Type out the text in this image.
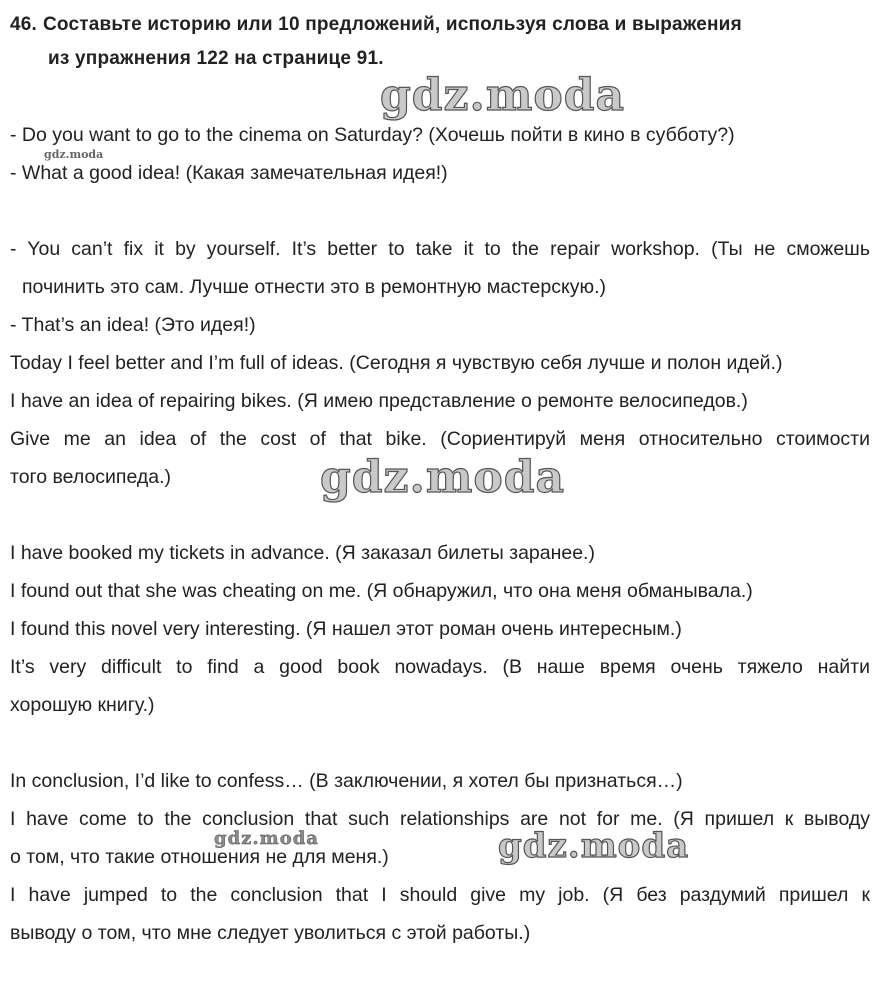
46. Составьте историю или 10 предложений, используя слова и выражения
из упражнения 122 на странице 91.
- Do you want to go to the cinema on Saturday? (Хочешь пойти в кино в субботу?)
- What a good idea! (Какая замечательная идея!)
- You can’t fix it by yourself. It’s better to take it to the repair workshop. (Ты не сможешь
починить это сам. Лучше отнести это в ремонтную мастерскую.)
- That’s an idea! (Это идея!)
Today I feel better and I’m full of ideas. (Сегодня я чувствую себя лучше и полон идей.)
I have an idea of repairing bikes. (Я имею представление о ремонте велосипедов.)
Give me an idea of the cost of that bike. (Сориентируй меня относительно стоимости
того велосипеда.)
I have booked my tickets in advance. (Я заказал билеты заранее.)
I found out that she was cheating on me. (Я обнаружил, что она меня обманывала.)
I found this novel very interesting. (Я нашел этот роман очень интересным.)
It’s very difficult to find a good book nowadays. (В наше время очень тяжело найти
хорошую книгу.)
In conclusion, I’d like to confess… (В заключении, я хотел бы признаться…)
I have come to the conclusion that such relationships are not for me. (Я пришел к выводу
о том, что такие отношения не для меня.)
I have jumped to the conclusion that I should give my job. (Я без раздумий пришел к
выводу о том, что мне следует уволиться с этой работы.)
gdz.moda
gdz.moda
gdz.moda
gdz.moda	gdz.moda
